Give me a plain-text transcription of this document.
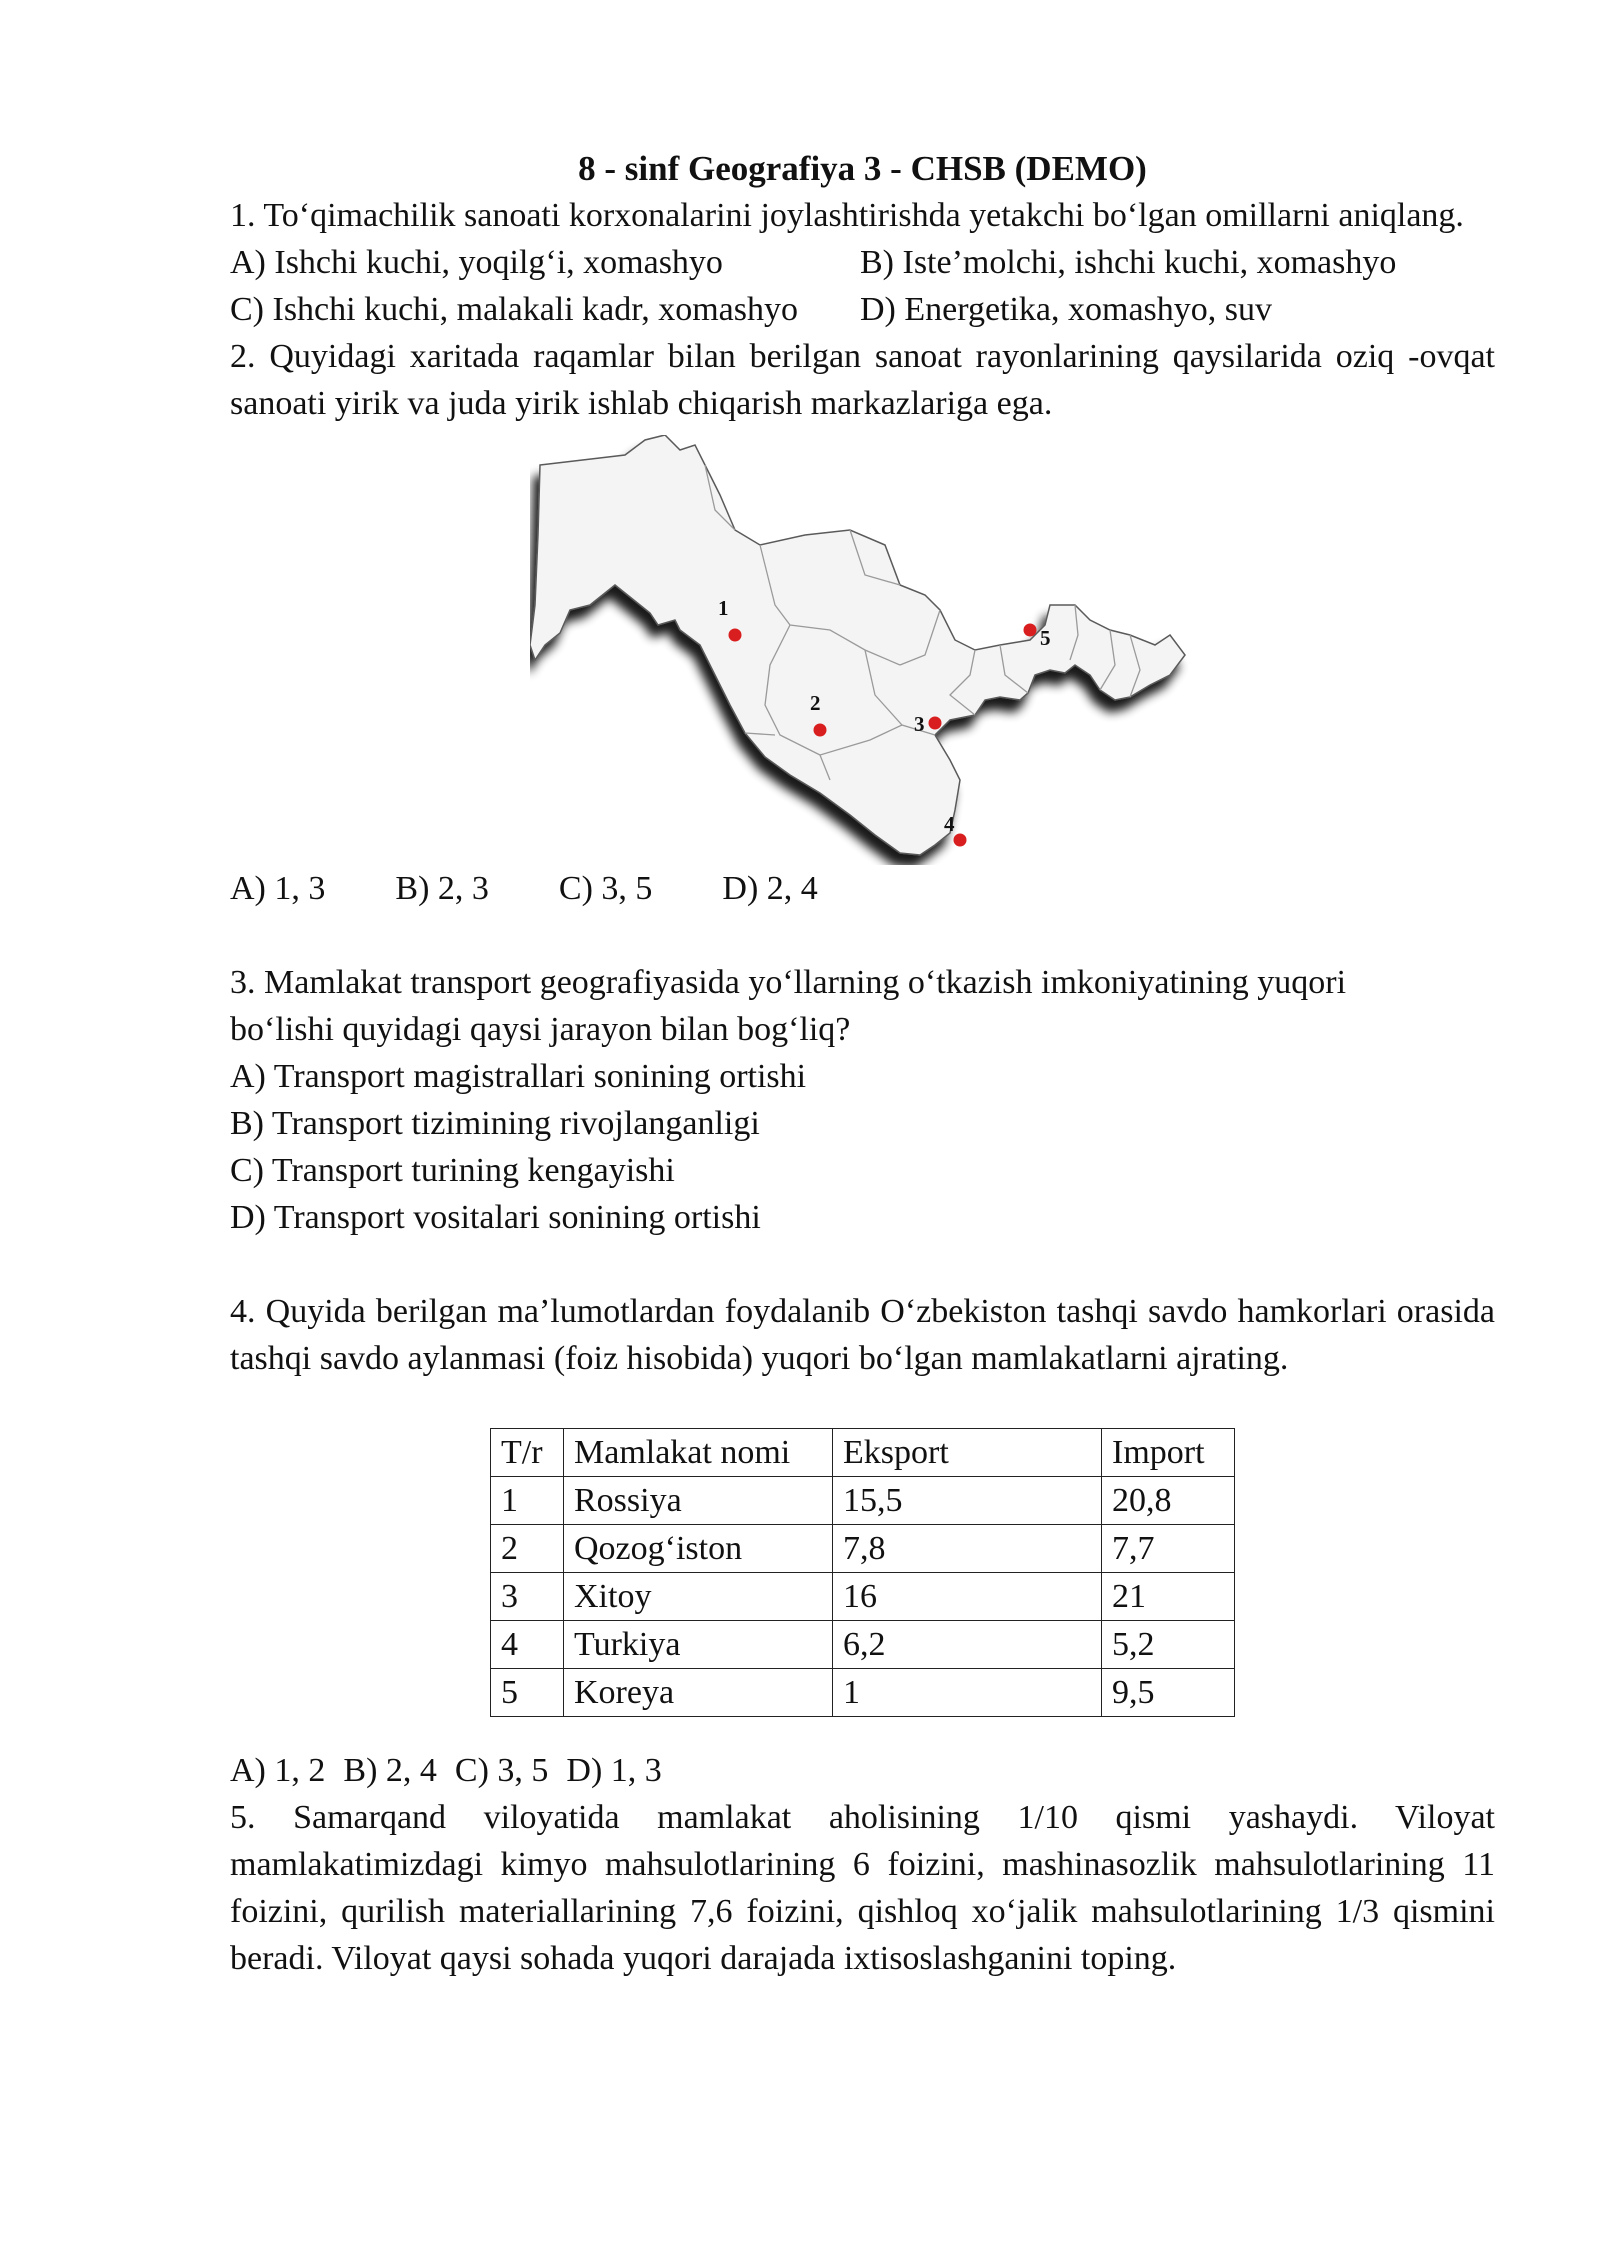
8 - sinf Geografiya 3 - CHSB (DEMO)

1. To‘qimachilik sanoati korxonalarini joylashtirishda yetakchi bo‘lgan omillarni aniqlang.

A) Ishchi kuchi, yoqilg‘i, xomashyo	B) Iste’molchi, ishchi kuchi, xomashyo
C) Ishchi kuchi, malakali kadr, xomashyo	D) Energetika, xomashyo, suv

2. Quyidagi xaritada raqamlar bilan berilgan sanoat rayonlarining qaysilarida oziq -ovqat sanoati yirik va juda yirik ishlab chiqarish markazlariga ega.

1
2
3
4
5
A) 1, 3 B) 2, 3 C) 3, 5 D) 2, 4

3. Mamlakat transport geografiyasida yo‘llarning o‘tkazish imkoniyatining yuqori

bo‘lishi quyidagi qaysi jarayon bilan bog‘liq?

A) Transport magistrallari sonining ortishi

B) Transport tizimining rivojlanganligi

C) Transport turining kengayishi

D) Transport vositalari sonining ortishi

4. Quyida berilgan ma’lumotlardan foydalanib O‘zbekiston tashqi savdo hamkorlari orasida tashqi savdo aylanmasi (foiz hisobida) yuqori bo‘lgan mamlakatlarni ajrating.

T/r	Mamlakat nomi	Eksport	Import
1	Rossiya	15,5	20,8
2	Qozog‘iston	7,8	7,7
3	Xitoy	16	21
4	Turkiya	6,2	5,2
5	Koreya	1	9,5
A) 1, 2 B) 2, 4 C) 3, 5 D) 1, 3

5. Samarqand viloyatida mamlakat aholisining 1/10 qismi yashaydi. Viloyat mamlakatimizdagi kimyo mahsulotlarining 6 foizini, mashinasozlik mahsulotlarining 11 foizini, qurilish materiallarining 7,6 foizini, qishloq xo‘jalik mahsulotlarining 1/3 qismini beradi. Viloyat qaysi sohada yuqori darajada ixtisoslashganini toping.
